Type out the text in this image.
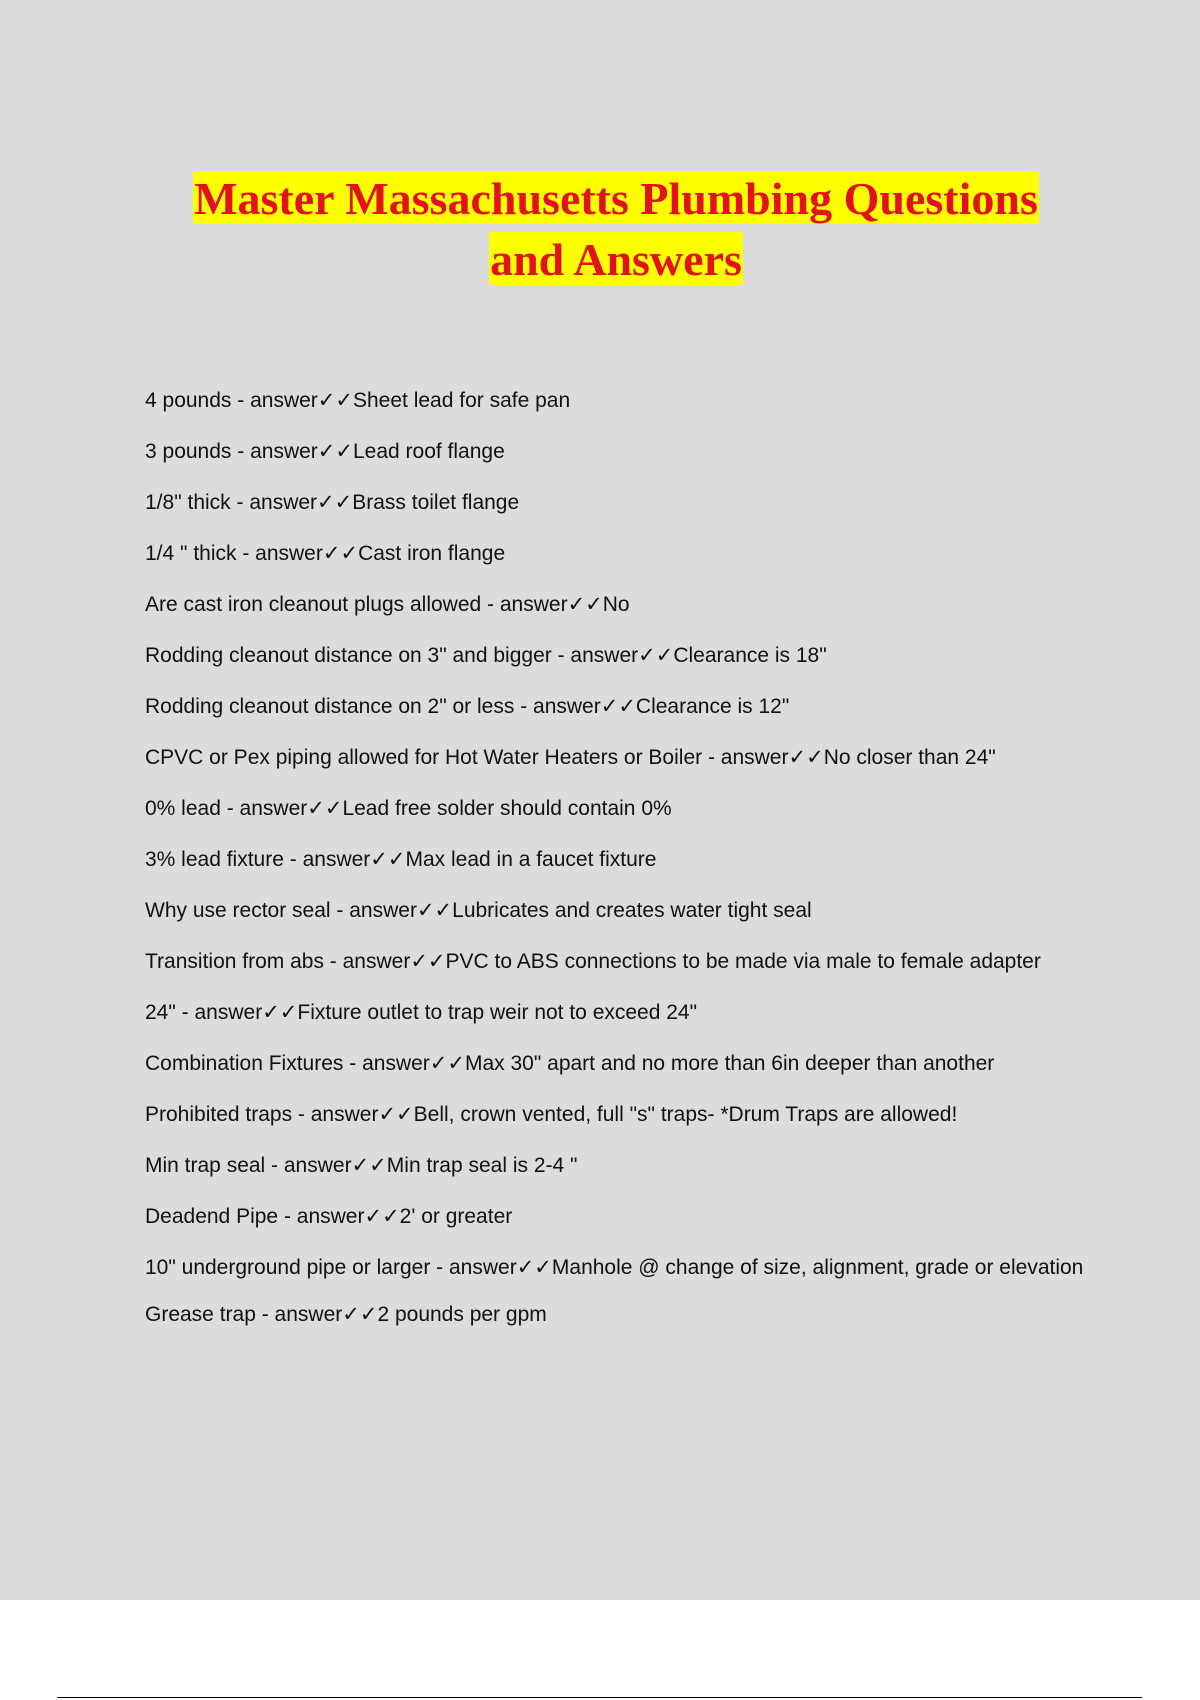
Master Massachusetts Plumbing Questions
and Answers
4 pounds - answer✓✓Sheet lead for safe pan
3 pounds - answer✓✓Lead roof flange
1/8" thick - answer✓✓Brass toilet flange
1/4 " thick - answer✓✓Cast iron flange
Are cast iron cleanout plugs allowed - answer✓✓No
Rodding cleanout distance on 3" and bigger - answer✓✓Clearance is 18"
Rodding cleanout distance on 2" or less - answer✓✓Clearance is 12"
CPVC or Pex piping allowed for Hot Water Heaters or Boiler - answer✓✓No closer than 24"
0% lead - answer✓✓Lead free solder should contain 0%
3% lead fixture - answer✓✓Max lead in a faucet fixture
Why use rector seal - answer✓✓Lubricates and creates water tight seal
Transition from abs - answer✓✓PVC to ABS connections to be made via male to female adapter
24" - answer✓✓Fixture outlet to trap weir not to exceed 24"
Combination Fixtures - answer✓✓Max 30" apart and no more than 6in deeper than another
Prohibited traps - answer✓✓Bell, crown vented, full "s" traps- *Drum Traps are allowed!
Min trap seal - answer✓✓Min trap seal is 2-4 "
Deadend Pipe - answer✓✓2' or greater
10" underground pipe or larger - answer✓✓Manhole @ change of size, alignment, grade or elevation
Grease trap - answer✓✓2 pounds per gpm
